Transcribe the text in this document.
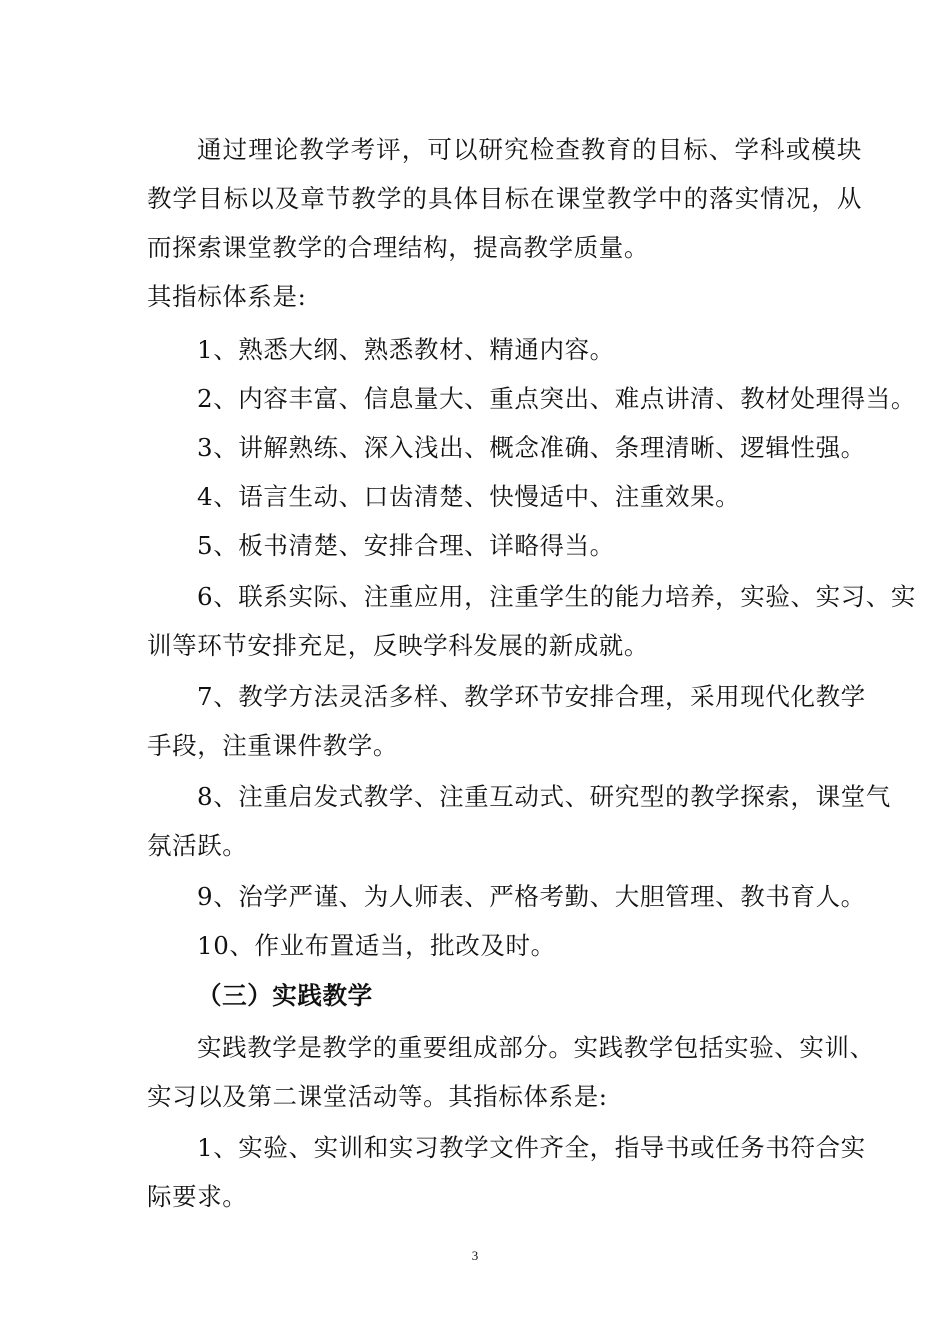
通过理论教学考评，可以研究检查教育的目标、学科或模块
教学目标以及章节教学的具体目标在课堂教学中的落实情况，从
而探索课堂教学的合理结构，提高教学质量。
其指标体系是:
1、熟悉大纲、熟悉教材、精通内容。
2、内容丰富、信息量大、重点突出、难点讲清、教材处理得当。
3、讲解熟练、深入浅出、概念准确、条理清晰、逻辑性强。
4、语言生动、口齿清楚、快慢适中、注重效果。
5、板书清楚、安排合理、详略得当。
6、联系实际、注重应用，注重学生的能力培养，实验、实习、实
训等环节安排充足，反映学科发展的新成就。
7、教学方法灵活多样、教学环节安排合理，采用现代化教学
手段，注重课件教学。
8、注重启发式教学、注重互动式、研究型的教学探索，课堂气
氛活跃。
9、治学严谨、为人师表、严格考勤、大胆管理、教书育人。
10、作业布置适当，批改及时。
（三）实践教学
实践教学是教学的重要组成部分。实践教学包括实验、实训、
实习以及第二课堂活动等。其指标体系是:
1、实验、实训和实习教学文件齐全，指导书或任务书符合实
际要求。
3
